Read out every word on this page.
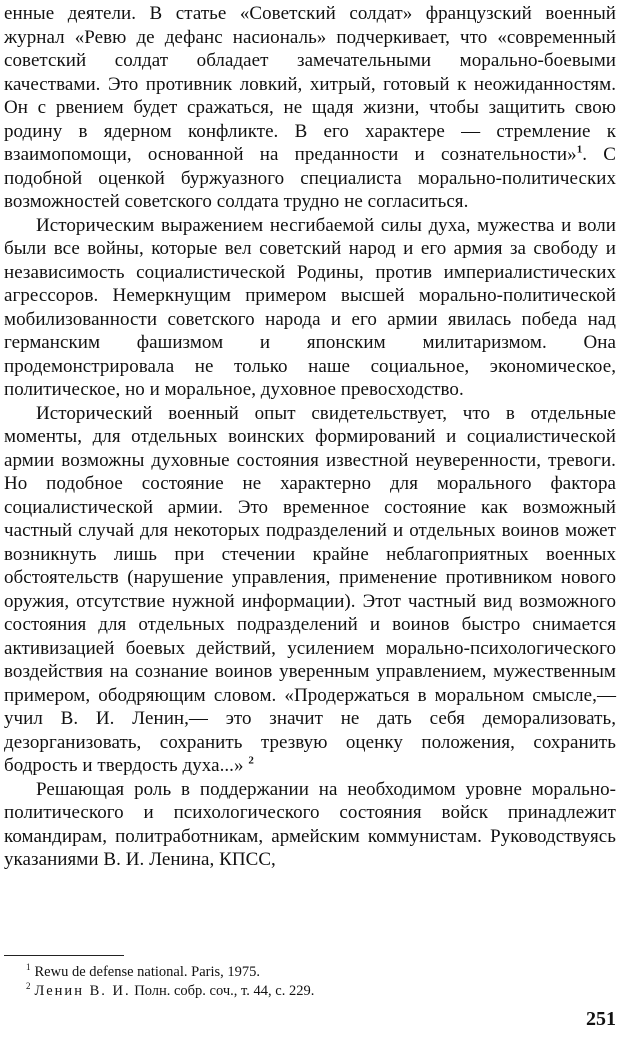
енные деятели. В статье «Советский солдат» французский военный журнал «Ревю де дефанс насиональ» подчеркивает, что «современный советский солдат обладает замечательными морально-боевыми качествами. Это противник ловкий, хитрый, готовый к неожиданностям. Он с рвением будет сражаться, не щадя жизни, чтобы защитить свою родину в ядерном конфликте. В его характере — стремление к взаимопомощи, основанной на преданности и сознательности»$^1$. С подобной оценкой буржуазного специалиста морально-политических возможностей советского солдата трудно не согласиться.

Историческим выражением несгибаемой силы духа, мужества и воли были все войны, которые вел советский народ и его армия за свободу и независимость социалистической Родины, против империалистических агрессоров. Немеркнущим примером высшей морально-политической мобилизованности советского народа и его армии явилась победа над германским фашизмом и японским милитаризмом. Она продемонстрировала не только наше социальное, экономическое, политическое, но и моральное, духовное превосходство.

Исторический военный опыт свидетельствует, что в отдельные моменты, для отдельных воинских формирований и социалистической армии возможны духовные состояния известной неуверенности, тревоги. Но подобное состояние не характерно для морального фактора социалистической армии. Это временное состояние как возможный частный случай для некоторых подразделений и отдельных воинов может возникнуть лишь при стечении крайне неблагоприятных военных обстоятельств (нарушение управления, применение противником нового оружия, отсутствие нужной информации). Этот частный вид возможного состояния для отдельных подразделений и воинов быстро снимается активизацией боевых действий, усилением морально-психологического воздействия на сознание воинов уверенным управлением, мужественным примером, ободряющим словом. «Продержаться в моральном смысле,— учил В. И. Ленин,— это значит не дать себя деморализовать, дезорганизовать, сохранить трезвую оценку положения, сохранить бодрость и твердость духа...» $^2$

Решающая роль в поддержании на необходимом уровне морально-политического и психологического состояния войск принадлежит командирам, политработникам, армейским коммунистам. Руководствуясь указаниями В. И. Ленина, КПСС,

$^1$ Rewu de defense national. Paris, 1975.

$^2$ Ленин В. И. Полн. собр. соч., т. 44, с. 229.

251
